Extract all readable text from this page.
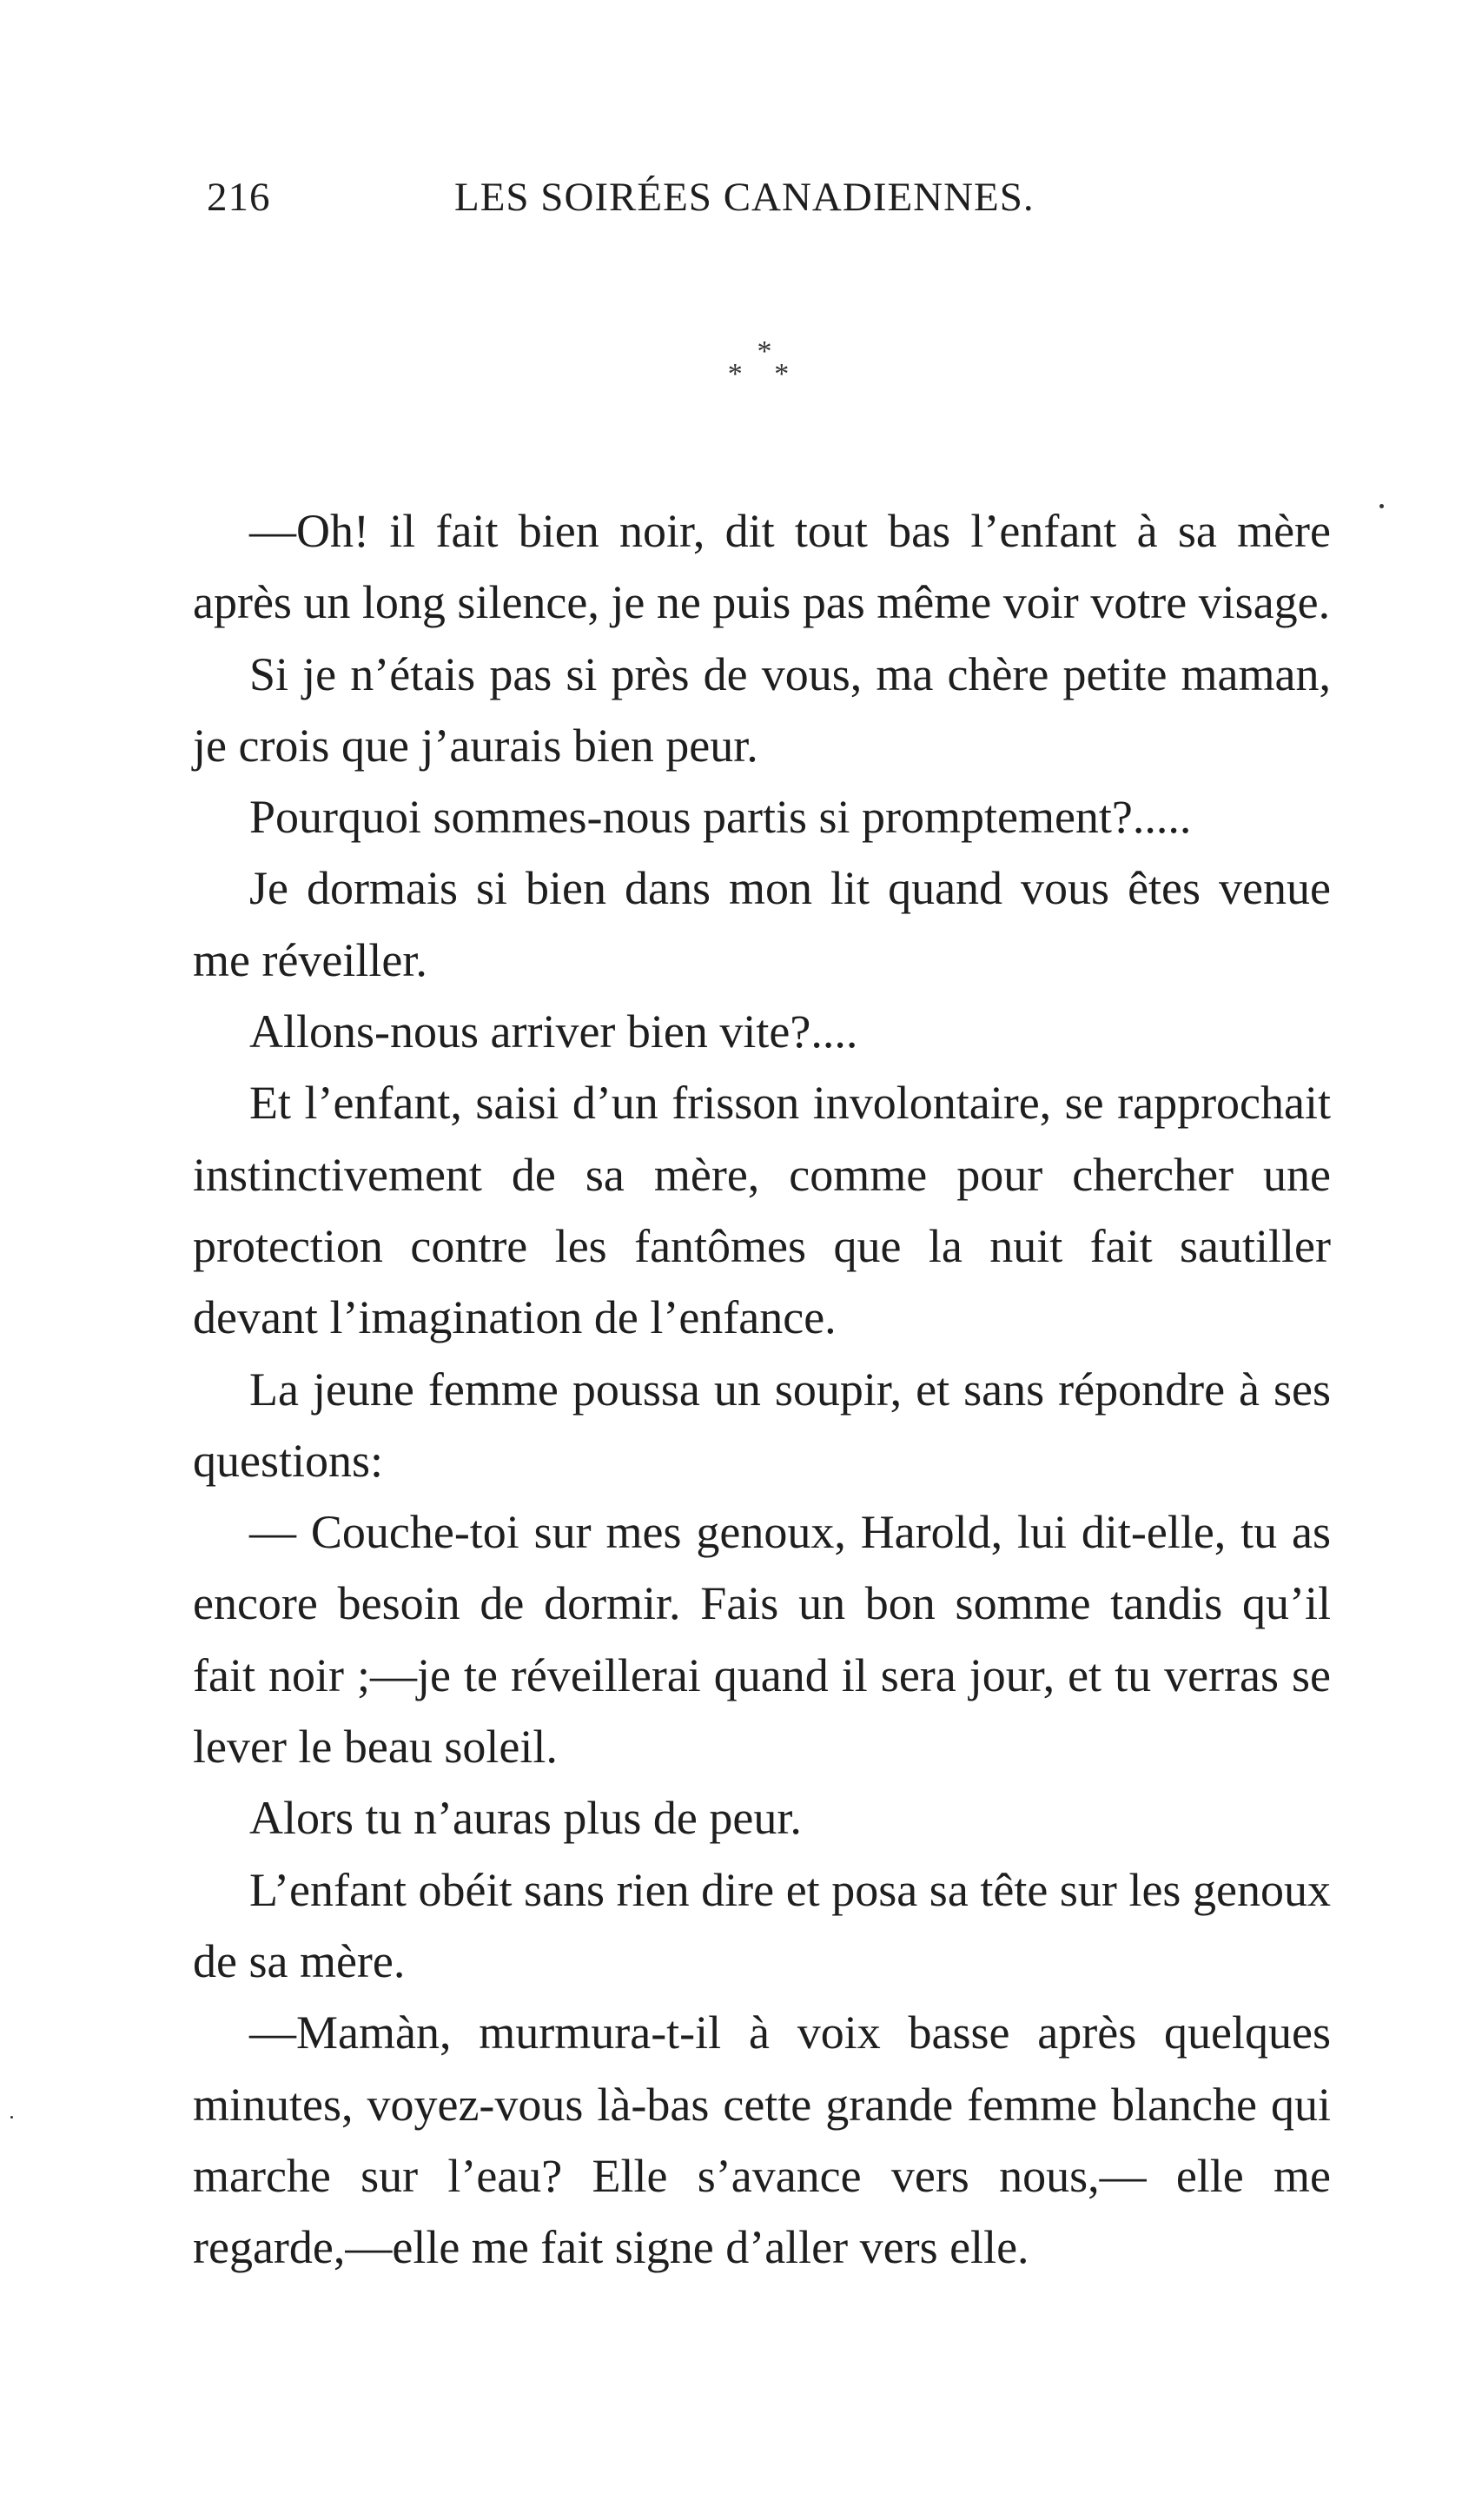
216	LES SOIRÉES CANADIENNES.
*
* *

—Oh! il fait bien noir, dit tout bas l’enfant à sa mère après un long silence, je ne puis pas même voir votre visage.

Si je n’étais pas si près de vous, ma chère petite maman, je crois que j’aurais bien peur.

Pourquoi sommes-nous partis si promptement?.....

Je dormais si bien dans mon lit quand vous êtes venue me réveiller.

Allons-nous arriver bien vite?....

Et l’enfant, saisi d’un frisson involontaire, se rapprochait instinctivement de sa mère, comme pour chercher une protection contre les fantômes que la nuit fait sautiller devant l’imagination de l’enfance.

La jeune femme poussa un soupir, et sans répondre à ses questions:

— Couche-toi sur mes genoux, Harold, lui dit-elle, tu as encore besoin de dormir. Fais un bon somme tandis qu’il fait noir ;—je te réveillerai quand il sera jour, et tu verras se lever le beau soleil.

Alors tu n’auras plus de peur.

L’enfant obéit sans rien dire et posa sa tête sur les genoux de sa mère.

—Mamàn, murmura-t-il à voix basse après quelques minutes, voyez-vous là-bas cette grande femme blanche qui marche sur l’eau? Elle s’avance vers nous,— elle me regarde,—elle me fait signe d’aller vers elle.
